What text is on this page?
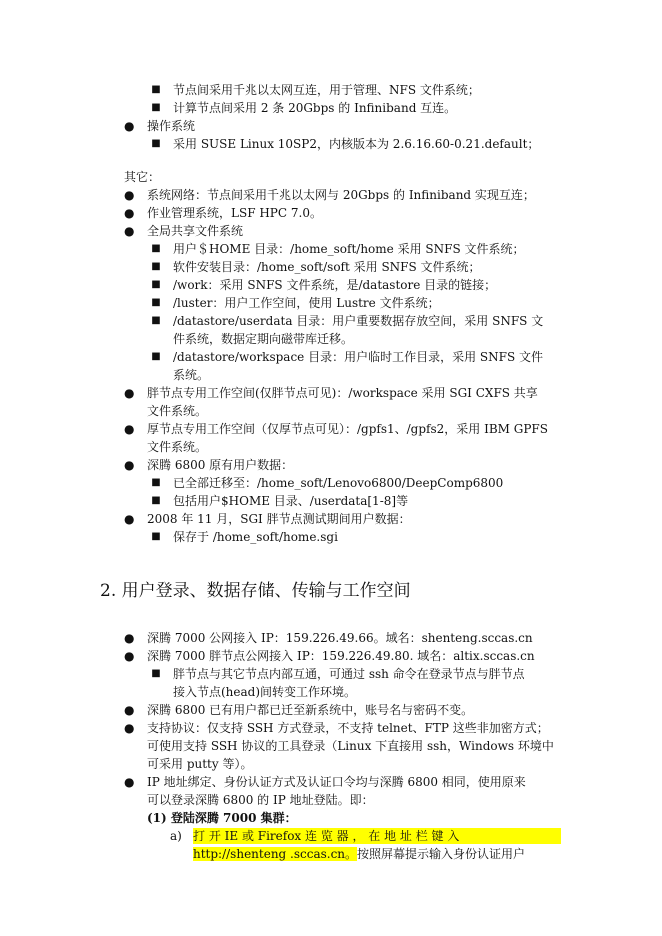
■ 节点间采用千兆以太网互连，用于管理、NFS 文件系统；
■ 计算节点间采用 2 条 20Gbps 的 Infiniband 互连。
● 操作系统
■ 采用 SUSE Linux 10SP2，内核版本为 2.6.16.60-0.21.default；
其它：
● 系统网络：节点间采用千兆以太网与 20Gbps 的 Infiniband 实现互连；
● 作业管理系统，LSF HPC 7.0。
● 全局共享文件系统
■ 用户＄HOME 目录：/home_soft/home 采用 SNFS 文件系统；
■ 软件安装目录：/home_soft/soft 采用 SNFS 文件系统；
■ /work：采用 SNFS 文件系统，是/datastore 目录的链接；
■ /luster：用户工作空间，使用 Lustre 文件系统；
■ /datastore/userdata 目录：用户重要数据存放空间，采用 SNFS 文
件系统，数据定期向磁带库迁移。
■ /datastore/workspace 目录：用户临时工作目录，采用 SNFS 文件
系统。
● 胖节点专用工作空间(仅胖节点可见)：/workspace 采用 SGI CXFS 共享
文件系统。
● 厚节点专用工作空间（仅厚节点可见）：/gpfs1、/gpfs2，采用 IBM GPFS
文件系统。
● 深腾 6800 原有用户数据：
■ 已全部迁移至：/home_soft/Lenovo6800/DeepComp6800
■ 包括用户$HOME 目录、/userdata[1-8]等
● 2008 年 11 月，SGI 胖节点测试期间用户数据：
■ 保存于 /home_soft/home.sgi
2. 用户登录、数据存储、传输与工作空间
● 深腾 7000 公网接入 IP：159.226.49.66。域名：shenteng.sccas.cn
● 深腾 7000 胖节点公网接入 IP：159.226.49.80. 域名：altix.sccas.cn
■ 胖节点与其它节点内部互通，可通过 ssh 命令在登录节点与胖节点
接入节点(head)间转变工作环境。
● 深腾 6800 已有用户都已迁至新系统中，账号名与密码不变。
● 支持协议：仅支持 SSH 方式登录，不支持 telnet、FTP 这些非加密方式；
可使用支持 SSH 协议的工具登录（Linux 下直接用 ssh，Windows 环境中
可采用 putty 等）。
● IP 地址绑定、身份认证方式及认证口令均与深腾 6800 相同，使用原来
可以登录深腾 6800 的 IP 地址登陆。即：
(1) 登陆深腾 7000 集群：
a) 打 开 IE 或 Firefox 连 览 器 ， 在 地 址 栏 键 入
http://shenteng .sccas.cn。按照屏幕提示输入身份认证用户
